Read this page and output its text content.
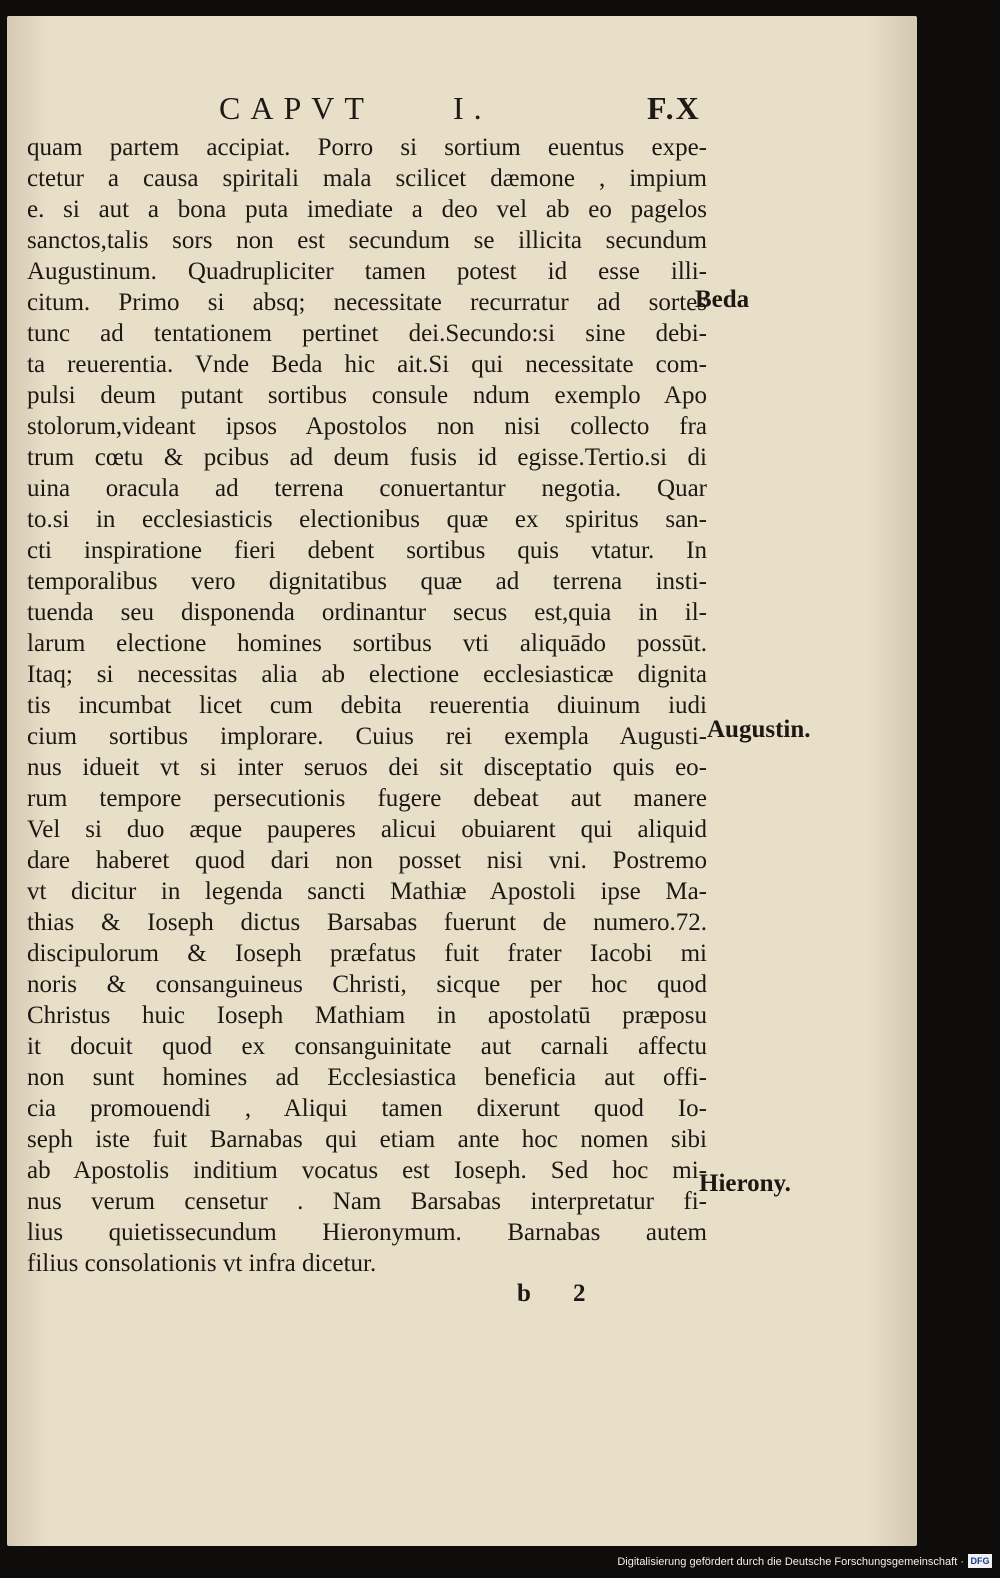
CAPVT I.	F.X
quam partem accipiat. Porro si sortium euentus expe-
ctetur a causa spiritali mala scilicet dæmone , impium
e. si aut a bona puta imediate a deo vel ab eo pagelos
sanctos,talis sors non est secundum se illicita secundum
Augustinum. Quadrupliciter tamen potest id esse illi-
citum. Primo si absq; necessitate recurratur ad sortes
tunc ad tentationem pertinet dei.Secundo:si sine debi-
ta reuerentia. Vnde Beda hic ait.Si qui necessitate com-
pulsi deum putant sortibus consule ndum exemplo Apo
stolorum,videant ipsos Apostolos non nisi collecto fra
trum cœtu & pcibus ad deum fusis id egisse.Tertio.si di
uina oracula ad terrena conuertantur negotia. Quar
to.si in ecclesiasticis electionibus quæ ex spiritus san-
cti inspiratione fieri debent sortibus quis vtatur. In
temporalibus vero dignitatibus quæ ad terrena insti-
tuenda seu disponenda ordinantur secus est,quia in il-
larum electione homines sortibus vti aliquādo possūt.
Itaq; si necessitas alia ab electione ecclesiasticæ dignita
tis incumbat licet cum debita reuerentia diuinum iudi
cium sortibus implorare. Cuius rei exempla Augusti-
nus idueit vt si inter seruos dei sit disceptatio quis eo-
rum tempore persecutionis fugere debeat aut manere
Vel si duo æque pauperes alicui obuiarent qui aliquid
dare haberet quod dari non posset nisi vni. Postremo
vt dicitur in legenda sancti Mathiæ Apostoli ipse Ma-
thias & Ioseph dictus Barsabas fuerunt de numero.72.
discipulorum & Ioseph præfatus fuit frater Iacobi mi
noris & consanguineus Christi, sicque per hoc quod
Christus huic Ioseph Mathiam in apostolatū præposu
it docuit quod ex consanguinitate aut carnali affectu
non sunt homines ad Ecclesiastica beneficia aut offi-
cia promouendi , Aliqui tamen dixerunt quod Io-
seph iste fuit Barnabas qui etiam ante hoc nomen sibi
ab Apostolis inditium vocatus est Ioseph. Sed hoc mi-
nus verum censetur . Nam Barsabas interpretatur fi-
lius quietissecundum Hieronymum. Barnabas autem
filius consolationis vt infra dicetur.
Beda
Augustin.
Hierony.
b 2
Digitalisierung gefördert durch die Deutsche Forschungsgemeinschaft · DFG
